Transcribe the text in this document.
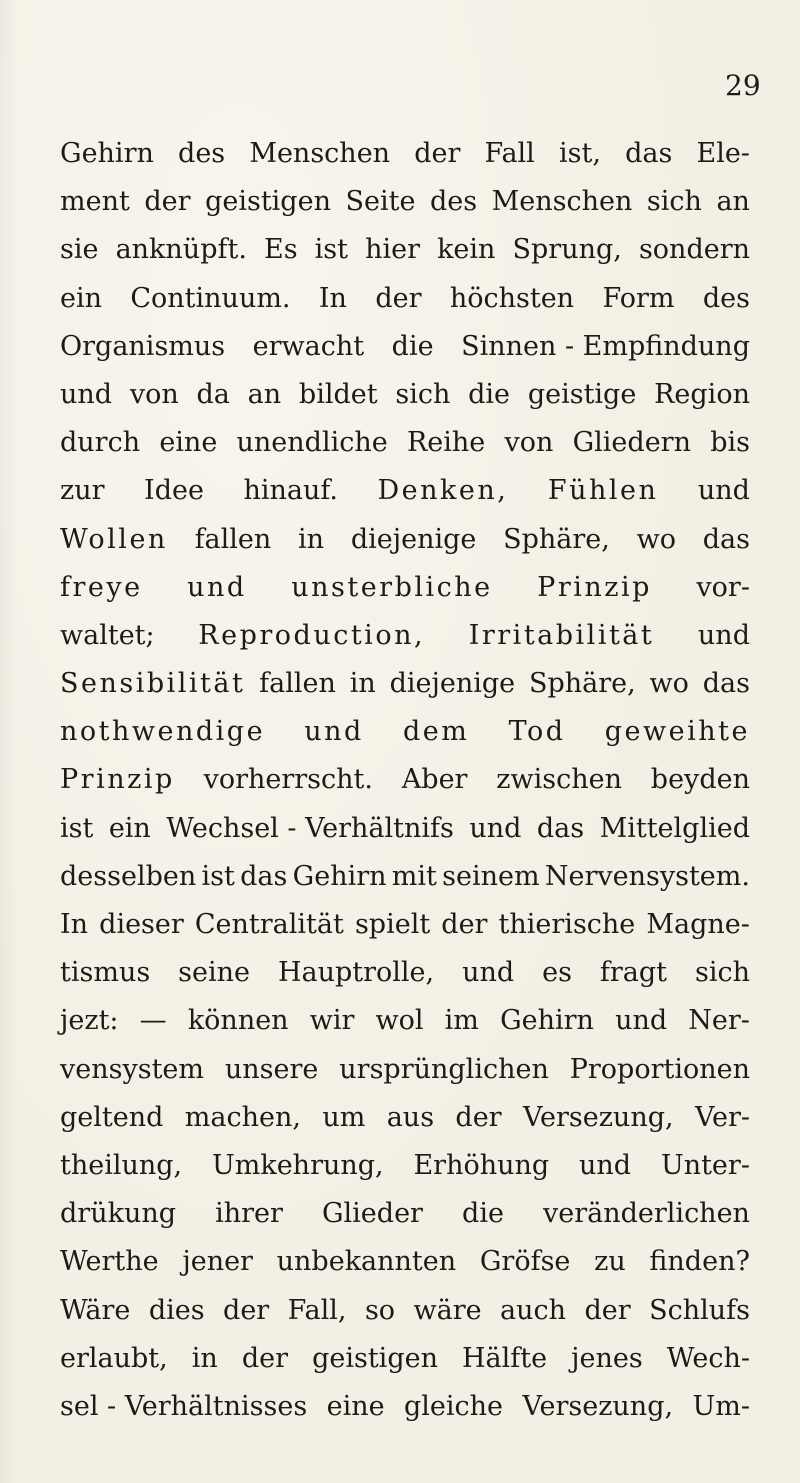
29
Gehirn des Menschen der Fall ist, das Ele-
ment der geistigen Seite des Menschen sich an
sie anknüpft. Es ist hier kein Sprung, sondern
ein Continuum. In der höchsten Form des
Organismus erwacht die Sinnen - Empfindung
und von da an bildet sich die geistige Region
durch eine unendliche Reihe von Gliedern bis
zur Idee hinauf. Denken, Fühlen und
Wollen fallen in diejenige Sphäre, wo das
freye und unsterbliche Prinzip vor-
waltet; Reproduction, Irritabilität und
Sensibilität fallen in diejenige Sphäre, wo das
nothwendige und dem Tod geweihte
Prinzip vorherrscht. Aber zwischen beyden
ist ein Wechsel - Verhältnifs und das Mittelglied
desselben ist das Gehirn mit seinem Nervensystem.
In dieser Centralität spielt der thierische Magne-
tismus seine Hauptrolle, und es fragt sich
jezt: — können wir wol im Gehirn und Ner-
vensystem unsere ursprünglichen Proportionen
geltend machen, um aus der Versezung, Ver-
theilung, Umkehrung, Erhöhung und Unter-
drükung ihrer Glieder die veränderlichen
Werthe jener unbekannten Gröfse zu finden?
Wäre dies der Fall, so wäre auch der Schlufs
erlaubt, in der geistigen Hälfte jenes Wech-
sel - Verhältnisses eine gleiche Versezung, Um-
